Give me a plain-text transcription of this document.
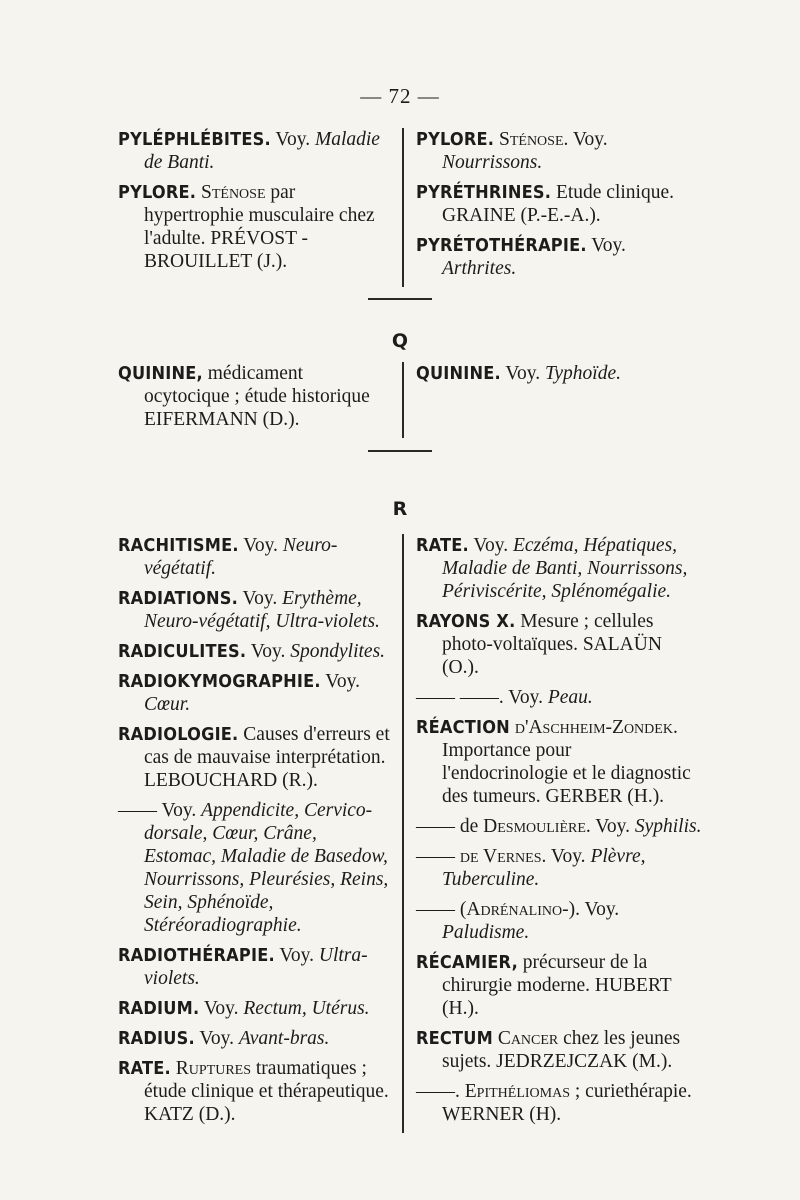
— 72 —
PYLÉPHLÉBITES. Voy. Maladie de Banti.
PYLORE. Sténose par hypertrophie musculaire chez l'adulte. PRÉVOST - BROUILLET (J.).
PYLORE. Sténose. Voy. Nourrissons.
PYRÉTHRINES. Etude clinique. GRAINE (P.-E.-A.).
PYRÉTOTHÉRAPIE. Voy. Arthrites.
Q
QUININE, médicament ocytocique ; étude historique EIFERMANN (D.).
QUININE. Voy. Typhoïde.
R
RACHITISME. Voy. Neuro-végétatif.
RADIATIONS. Voy. Erythème, Neuro-végétatif, Ultra-violets.
RADICULITES. Voy. Spondylites.
RADIOKYMOGRAPHIE. Voy. Cœur.
RADIOLOGIE. Causes d'erreurs et cas de mauvaise interprétation. LEBOUCHARD (R.).
—— Voy. Appendicite, Cervico-dorsale, Cœur, Crâne, Estomac, Maladie de Basedow, Nourrissons, Pleurésies, Reins, Sein, Sphénoïde, Stéréoradiographie.
RADIOTHÉRAPIE. Voy. Ultra-violets.
RADIUM. Voy. Rectum, Utérus.
RADIUS. Voy. Avant-bras.
RATE. Ruptures traumatiques ; étude clinique et thérapeutique. KATZ (D.).
RATE. Voy. Eczéma, Hépatiques, Maladie de Banti, Nourrissons, Périviscérite, Splénomégalie.
RAYONS X. Mesure ; cellules photo-voltaïques. SALAÜN (O.).
—— ——. Voy. Peau.
RÉACTION d'Aschheim-Zondek. Importance pour l'endocrinologie et le diagnostic des tumeurs. GERBER (H.).
—— de Desmoulière. Voy. Syphilis.
—— de Vernes. Voy. Plèvre, Tuberculine.
—— (Adrénalino-). Voy. Paludisme.
RÉCAMIER, précurseur de la chirurgie moderne. HUBERT (H.).
RECTUM Cancer chez les jeunes sujets. JEDRZEJCZAK (M.).
——. Epithéliomas ; curiethérapie. WERNER (H).
